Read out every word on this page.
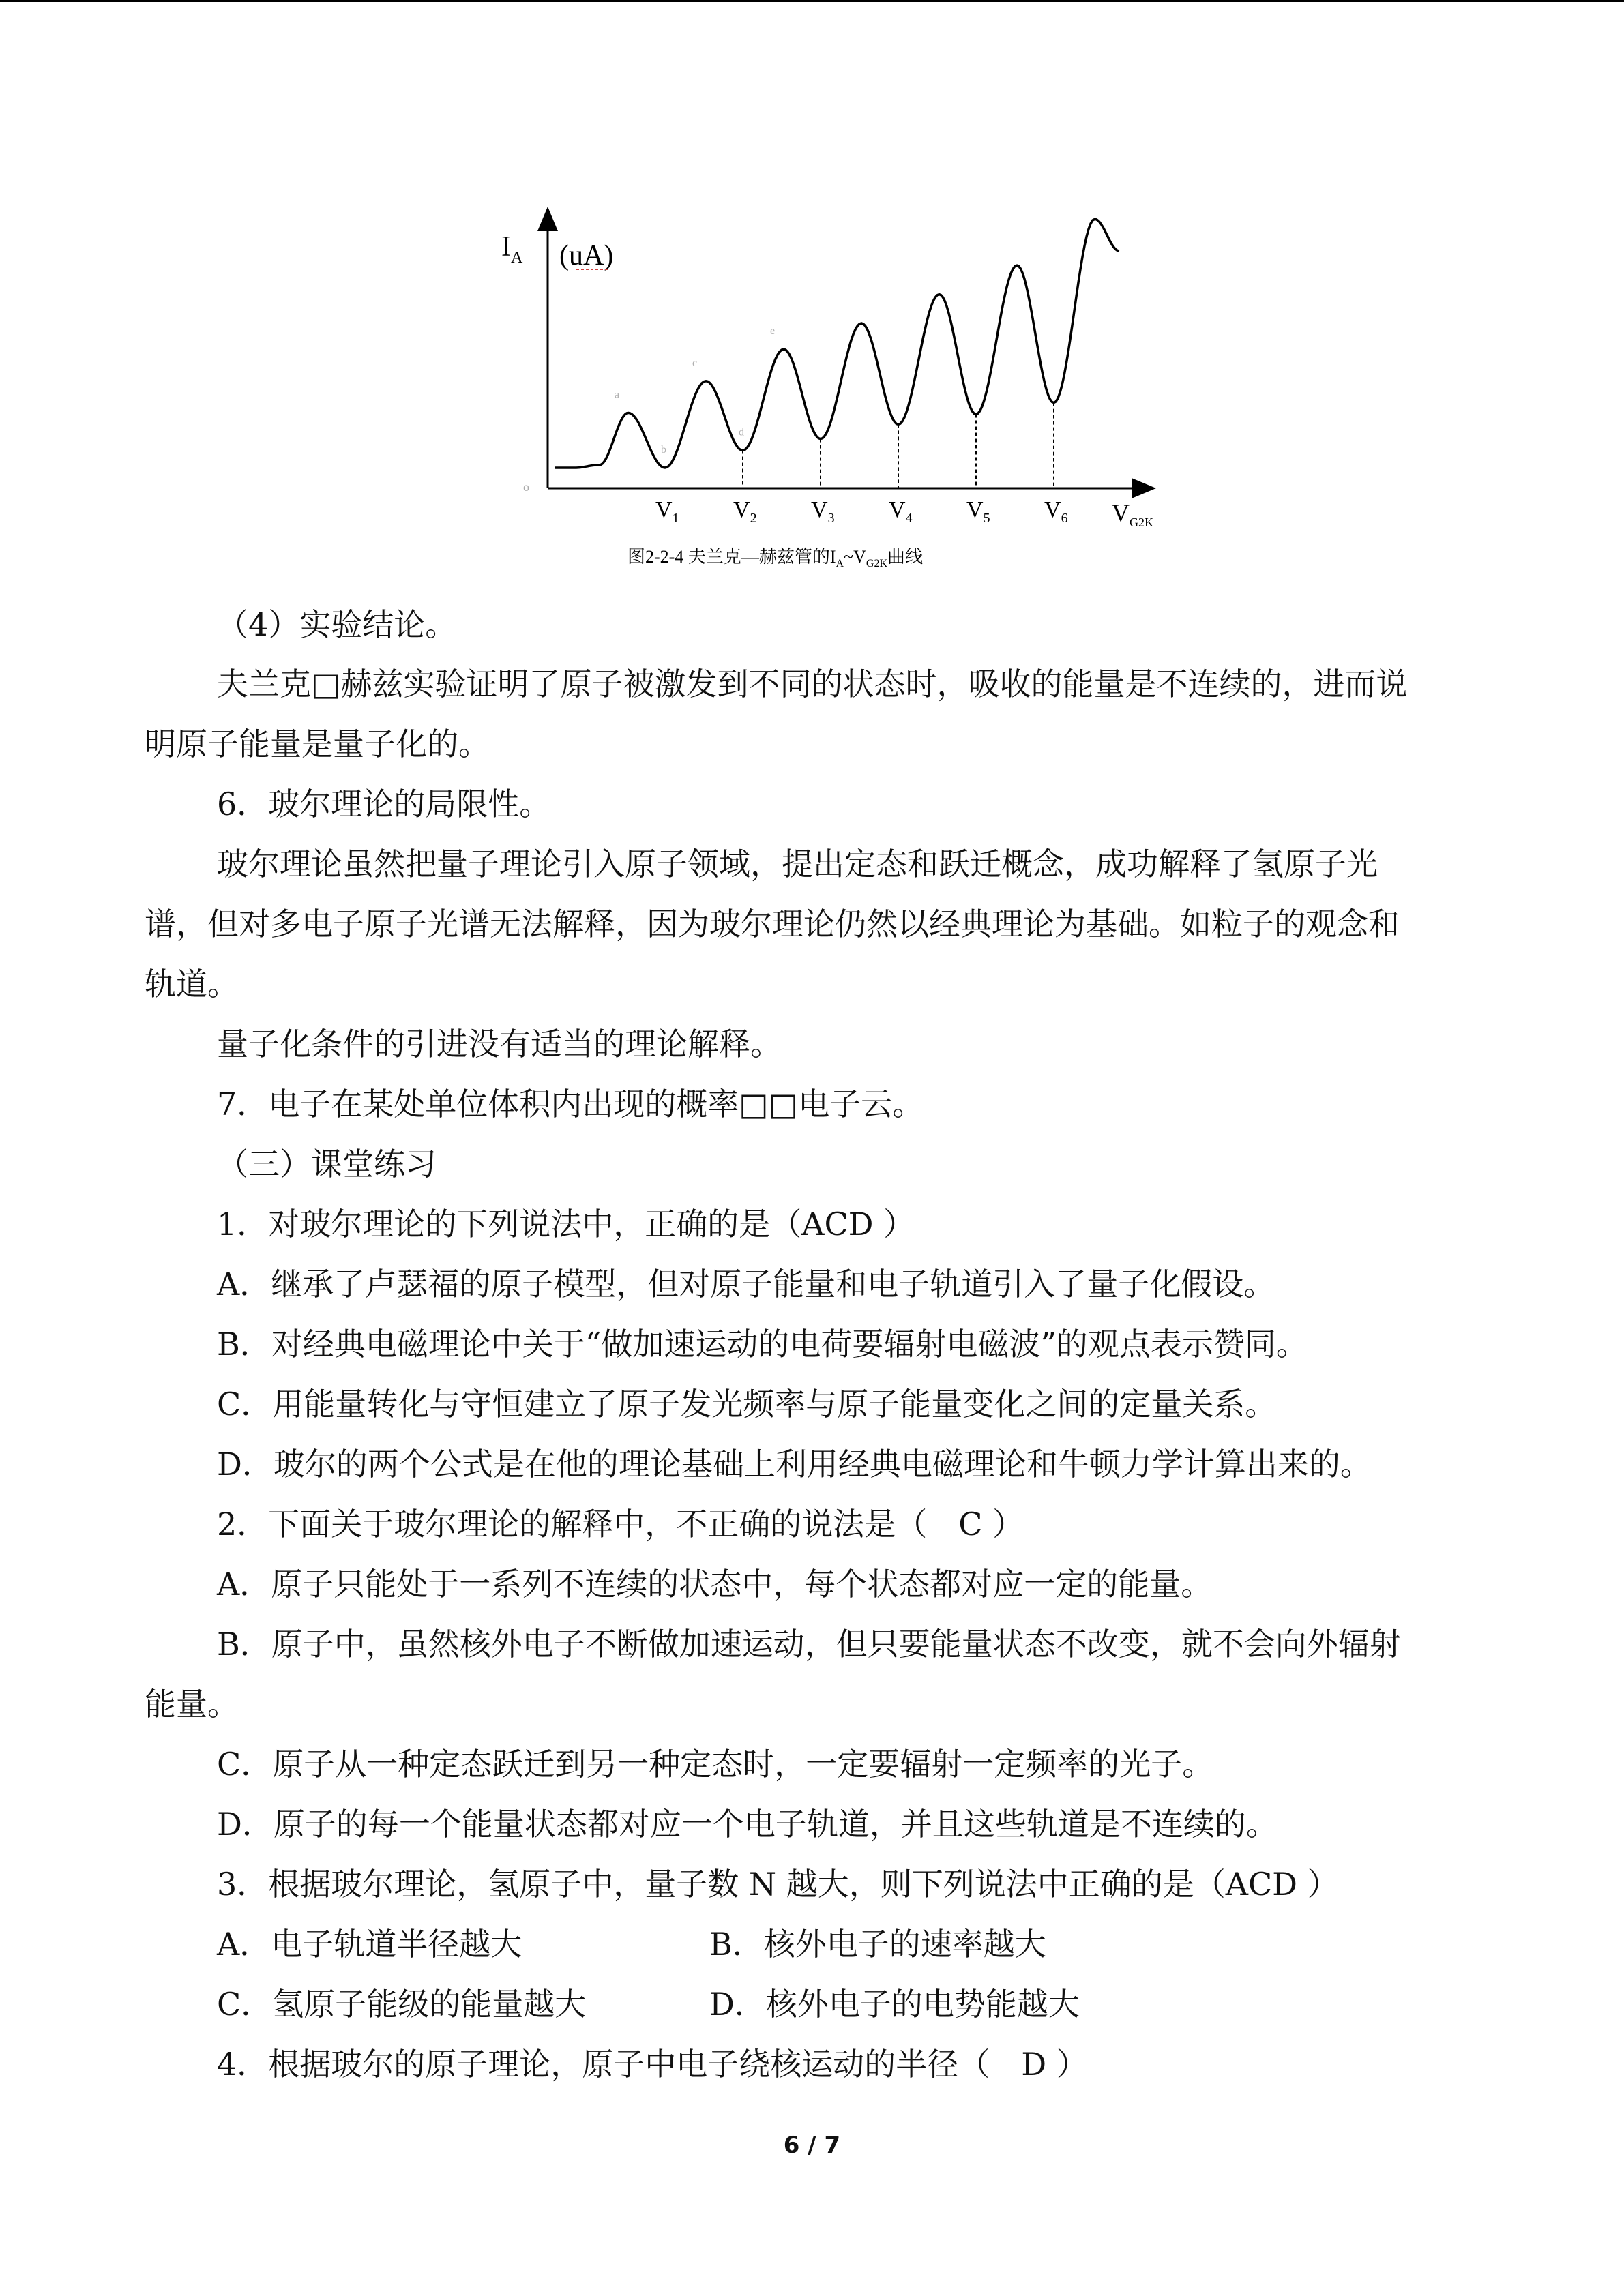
$I_A$ (uA)
o
$V_1$ $V_2$ $V_3$ $V_4$ $V_5$ $V_6$ $V_{G2K}$
a
b
c
d
e
图2-2-4 夫兰克—赫兹管的$I_A\sim V_{G2K}$曲线
（4）实验结论。
夫兰克□赫兹实验证明了原子被激发到不同的状态时，吸收的能量是不连续的，进而说
明原子能量是量子化的。
6．玻尔理论的局限性。
玻尔理论虽然把量子理论引入原子领域，提出定态和跃迁概念，成功解释了氢原子光
谱，但对多电子原子光谱无法解释，因为玻尔理论仍然以经典理论为基础。如粒子的观念和
轨道。
量子化条件的引进没有适当的理论解释。
7．电子在某处单位体积内出现的概率□□电子云。
（三）课堂练习
1．对玻尔理论的下列说法中，正确的是（ACD ）
A．继承了卢瑟福的原子模型，但对原子能量和电子轨道引入了量子化假设。
B．对经典电磁理论中关于“做加速运动的电荷要辐射电磁波”的观点表示赞同。
C．用能量转化与守恒建立了原子发光频率与原子能量变化之间的定量关系。
D．玻尔的两个公式是在他的理论基础上利用经典电磁理论和牛顿力学计算出来的。
2．下面关于玻尔理论的解释中，不正确的说法是（　C ）
A．原子只能处于一系列不连续的状态中，每个状态都对应一定的能量。
B．原子中，虽然核外电子不断做加速运动，但只要能量状态不改变，就不会向外辐射
能量。
C．原子从一种定态跃迁到另一种定态时，一定要辐射一定频率的光子。
D．原子的每一个能量状态都对应一个电子轨道，并且这些轨道是不连续的。
3．根据玻尔理论，氢原子中，量子数 N 越大，则下列说法中正确的是（ACD ）
A．电子轨道半径越大	B．核外电子的速率越大
C．氢原子能级的能量越大	D．核外电子的电势能越大
4．根据玻尔的原子理论，原子中电子绕核运动的半径（　D ）
6 / 7
